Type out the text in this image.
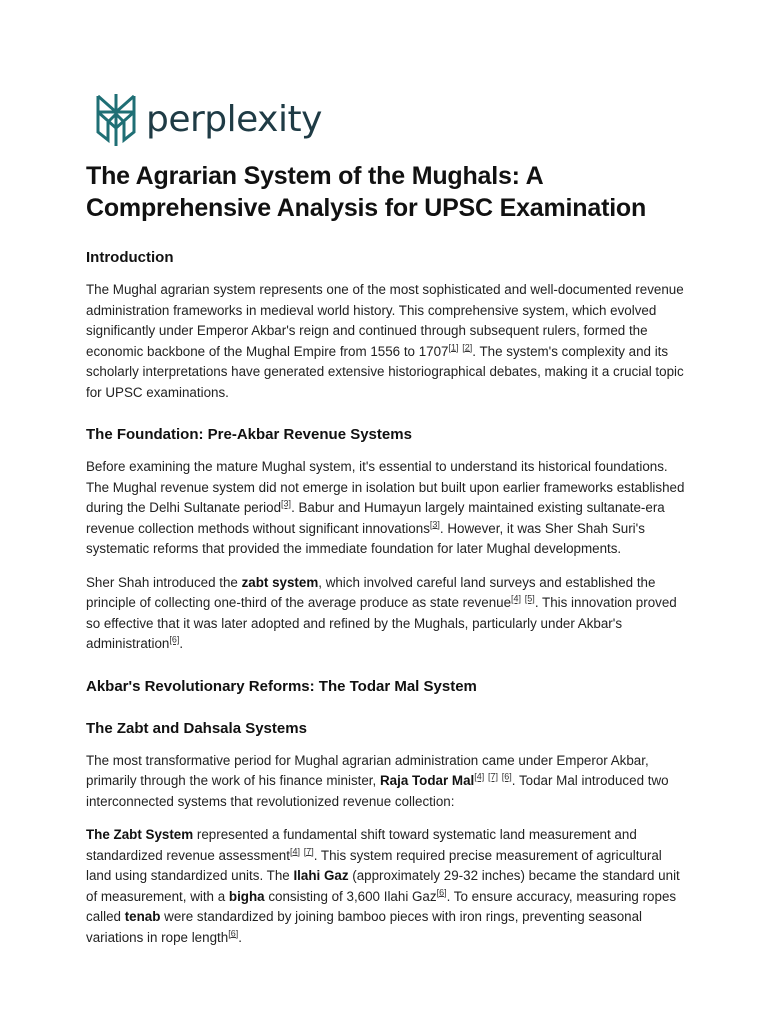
perplexity
The Agrarian System of the Mughals: A Comprehensive Analysis for UPSC Examination
Introduction

The Mughal agrarian system represents one of the most sophisticated and well-documented revenue administration frameworks in medieval world history. This comprehensive system, which evolved significantly under Emperor Akbar's reign and continued through subsequent rulers, formed the economic backbone of the Mughal Empire from 1556 to 1707[1] [2]. The system's complexity and its scholarly interpretations have generated extensive historiographical debates, making it a crucial topic for UPSC examinations.

The Foundation: Pre-Akbar Revenue Systems

Before examining the mature Mughal system, it's essential to understand its historical foundations. The Mughal revenue system did not emerge in isolation but built upon earlier frameworks established during the Delhi Sultanate period[3]. Babur and Humayun largely maintained existing sultanate-era revenue collection methods without significant innovations[3]. However, it was Sher Shah Suri's systematic reforms that provided the immediate foundation for later Mughal developments.

Sher Shah introduced the zabt system, which involved careful land surveys and established the principle of collecting one-third of the average produce as state revenue[4] [5]. This innovation proved so effective that it was later adopted and refined by the Mughals, particularly under Akbar's administration[6].

Akbar's Revolutionary Reforms: The Todar Mal System
The Zabt and Dahsala Systems

The most transformative period for Mughal agrarian administration came under Emperor Akbar, primarily through the work of his finance minister, Raja Todar Mal[4] [7] [6]. Todar Mal introduced two interconnected systems that revolutionized revenue collection:

The Zabt System represented a fundamental shift toward systematic land measurement and standardized revenue assessment[4] [7]. This system required precise measurement of agricultural land using standardized units. The Ilahi Gaz (approximately 29-32 inches) became the standard unit of measurement, with a bigha consisting of 3,600 Ilahi Gaz[6]. To ensure accuracy, measuring ropes called tenab were standardized by joining bamboo pieces with iron rings, preventing seasonal variations in rope length[6].
